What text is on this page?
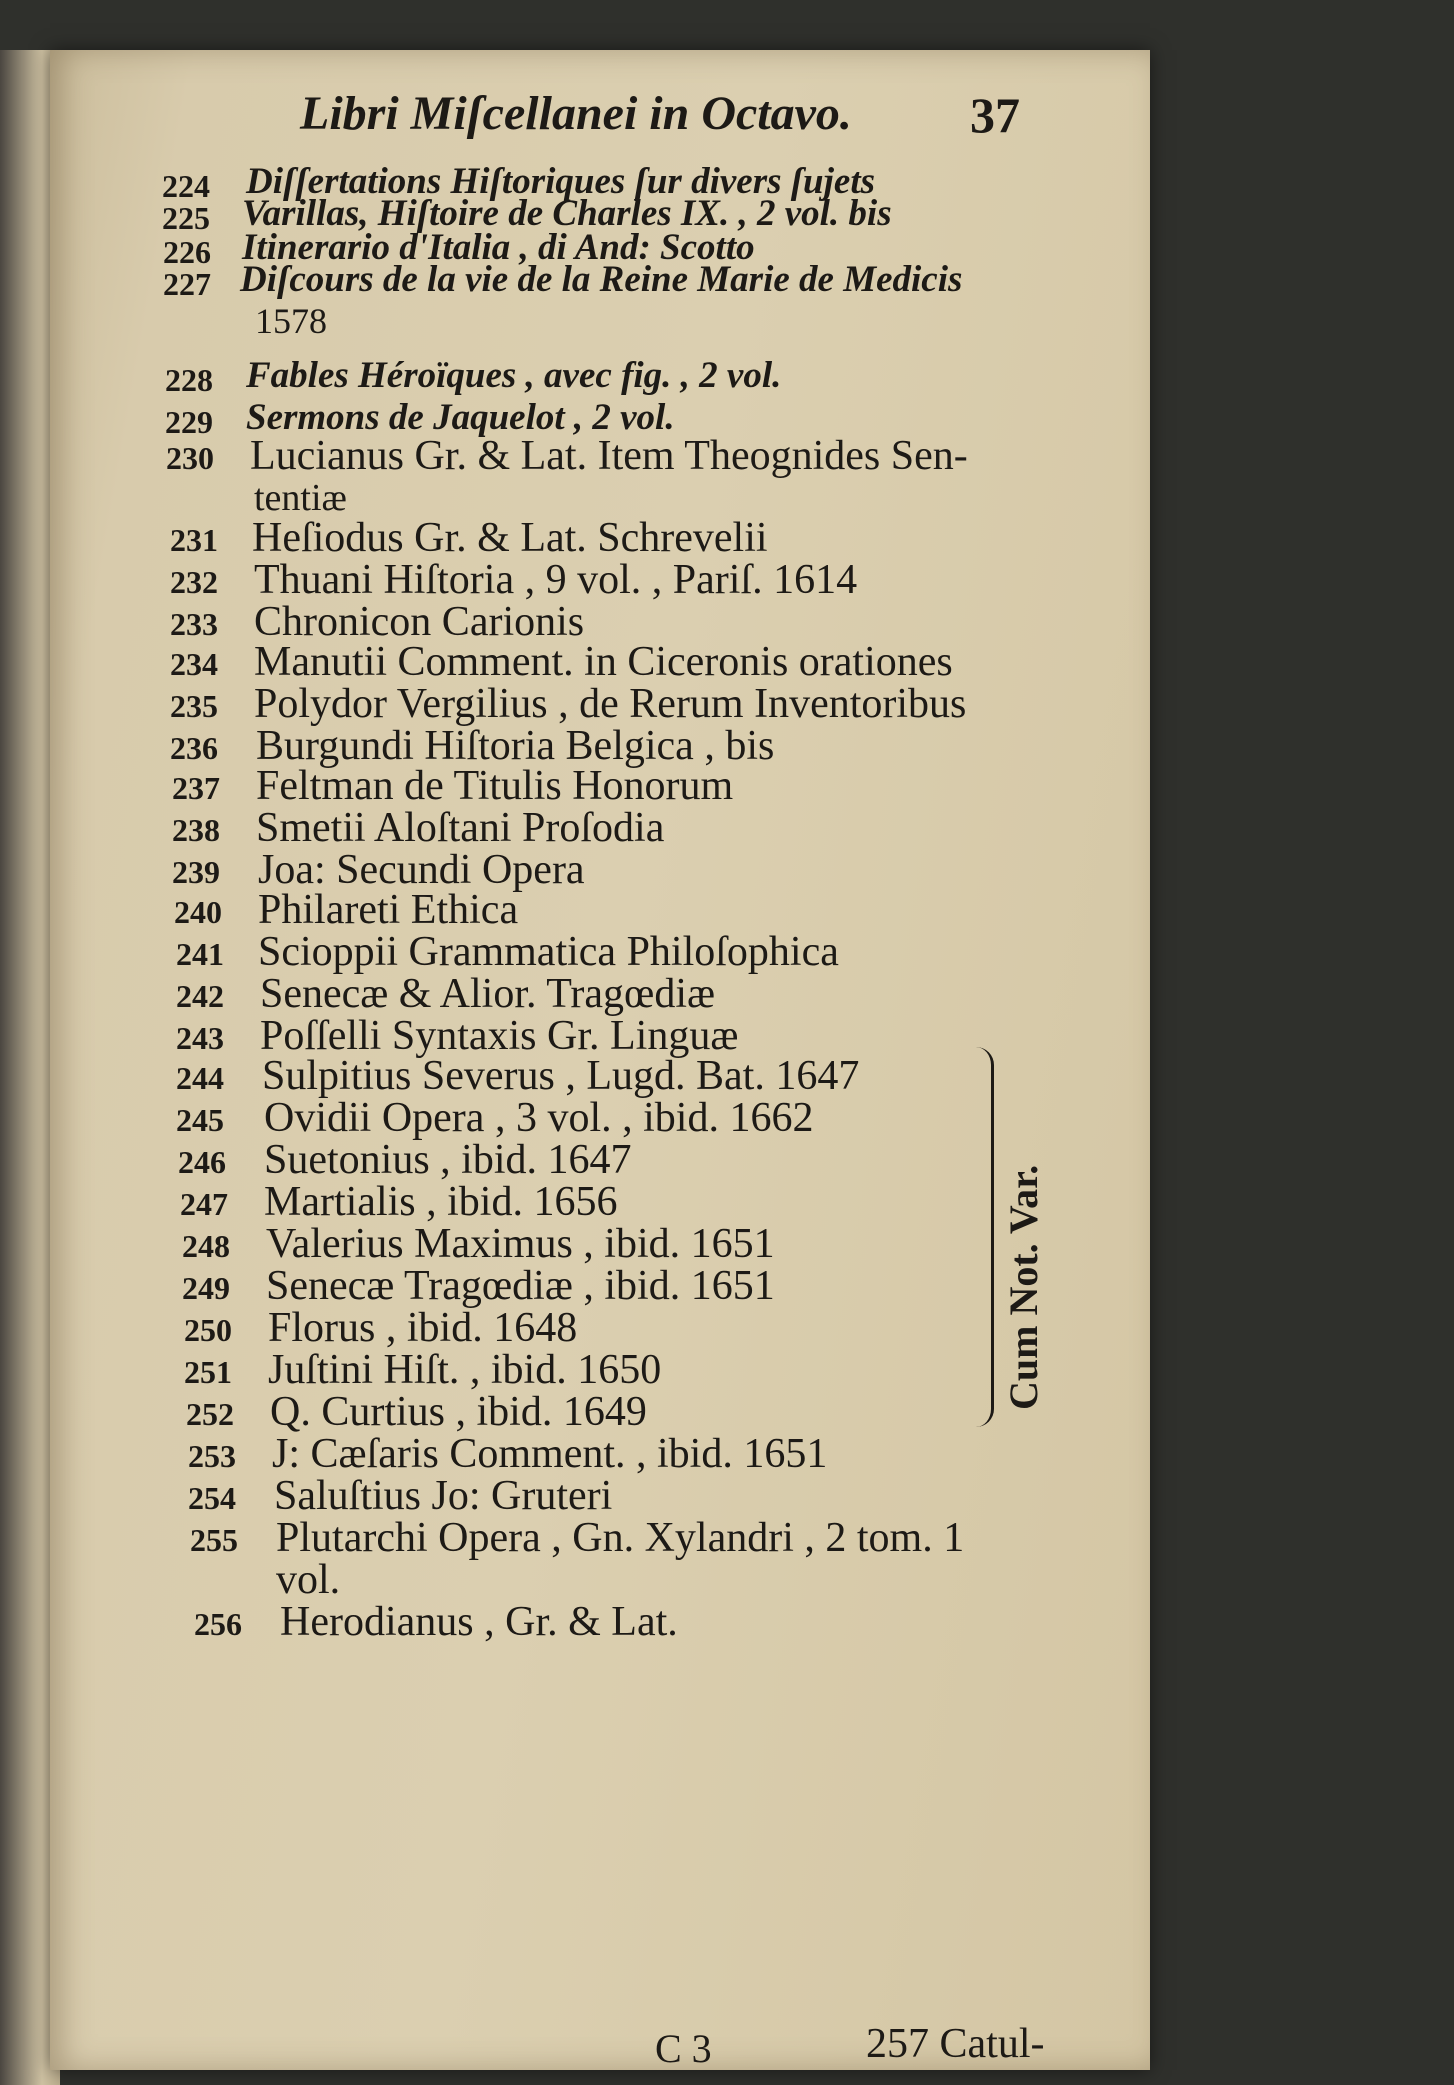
Libri Miſcellanei in Octavo. 37
224 Diſſertations Hiſtoriques ſur divers ſujets
225 Varillas, Hiſtoire de Charles IX. , 2 vol. bis
226 Itinerario d'Italia , di And: Scotto
227 Diſcours de la vie de la Reine Marie de Medicis
1578
228 Fables Héroïques , avec fig. , 2 vol.
229 Sermons de Jaquelot , 2 vol.
230 Lucianus Gr. & Lat. Item Theognides Sen-
tentiæ
231 Heſiodus Gr. & Lat. Schrevelii
232 Thuani Hiſtoria , 9 vol. , Pariſ. 1614
233 Chronicon Carionis
234 Manutii Comment. in Ciceronis orationes
235 Polydor Vergilius , de Rerum Inventoribus
236 Burgundi Hiſtoria Belgica , bis
237 Feltman de Titulis Honorum
238 Smetii Aloſtani Proſodia
239 Joa: Secundi Opera
240 Philareti Ethica
241 Scioppii Grammatica Philoſophica
242 Senecæ & Alior. Tragœdiæ
243 Poſſelli Syntaxis Gr. Linguæ
244 Sulpitius Severus , Lugd. Bat. 1647
245 Ovidii Opera , 3 vol. , ibid. 1662
246 Suetonius , ibid. 1647
247 Martialis , ibid. 1656
248 Valerius Maximus , ibid. 1651
249 Senecæ Tragœdiæ , ibid. 1651
250 Florus , ibid. 1648
251 Juſtini Hiſt. , ibid. 1650
252 Q. Curtius , ibid. 1649
253 J: Cæſaris Comment. , ibid. 1651
254 Saluſtius Jo: Gruteri
255 Plutarchi Opera , Gn. Xylandri , 2 tom. 1
vol.
256 Herodianus , Gr. & Lat.
Cum Not. Var.
C 3	257 Catul-
